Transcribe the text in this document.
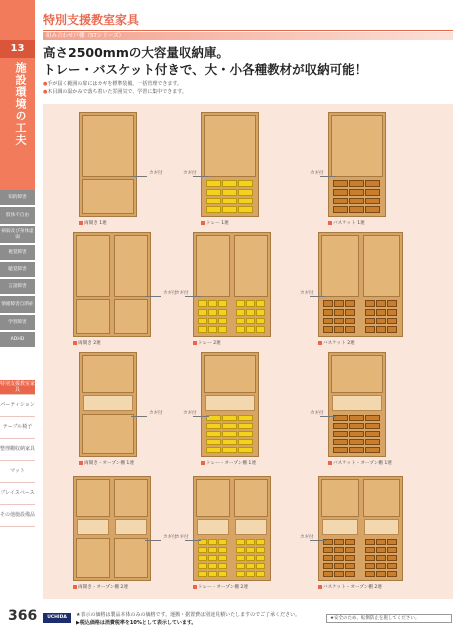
13
施設環境の工夫
知的障害
肢体不自由
病弱及び身体虚弱
視覚障害
聴覚障害
言語障害
情緒障害自閉症
学習障害
ADHD
特別支援教室家具
パーティション
テーブル椅子
整理棚収納家具
マット
プレイスペース
その他施設備品
366
特別支援教室家具
組み合わせ戸棚（STシリーズ）
高さ2500mmの大容量収納庫。
トレー・バスケット付きで、大・小各種教材が収納可能！
●手が届く範囲の扉にはカギを標準装備。一括管理できます。
●木目調の温かみで落ち着いた雰囲気で、学習に集中できます。
カギ付
両開き 1連
カギ付
トレー 1連
カギ付
バスケット 1連
カギ付
両開き 2連
カギ付
トレー 2連
カギ付
バスケット 2連
カギ付
両開き・オープン棚 1連
カギ付
トレー・オープン棚 1連
カギ付
バスケット・オープン棚 1連
カギ付
両開き・オープン棚 2連
カギ付
トレー・オープン棚 2連
カギ付
バスケット・オープン棚 2連
UCHIDA	★表示の価格は製品本体のみの価格です。運搬・据置費は別途見積いたしますのでご了承ください。
▶税込価格は消費税率を10%として表示しています。
★安全のため、転倒防止を施してください。
